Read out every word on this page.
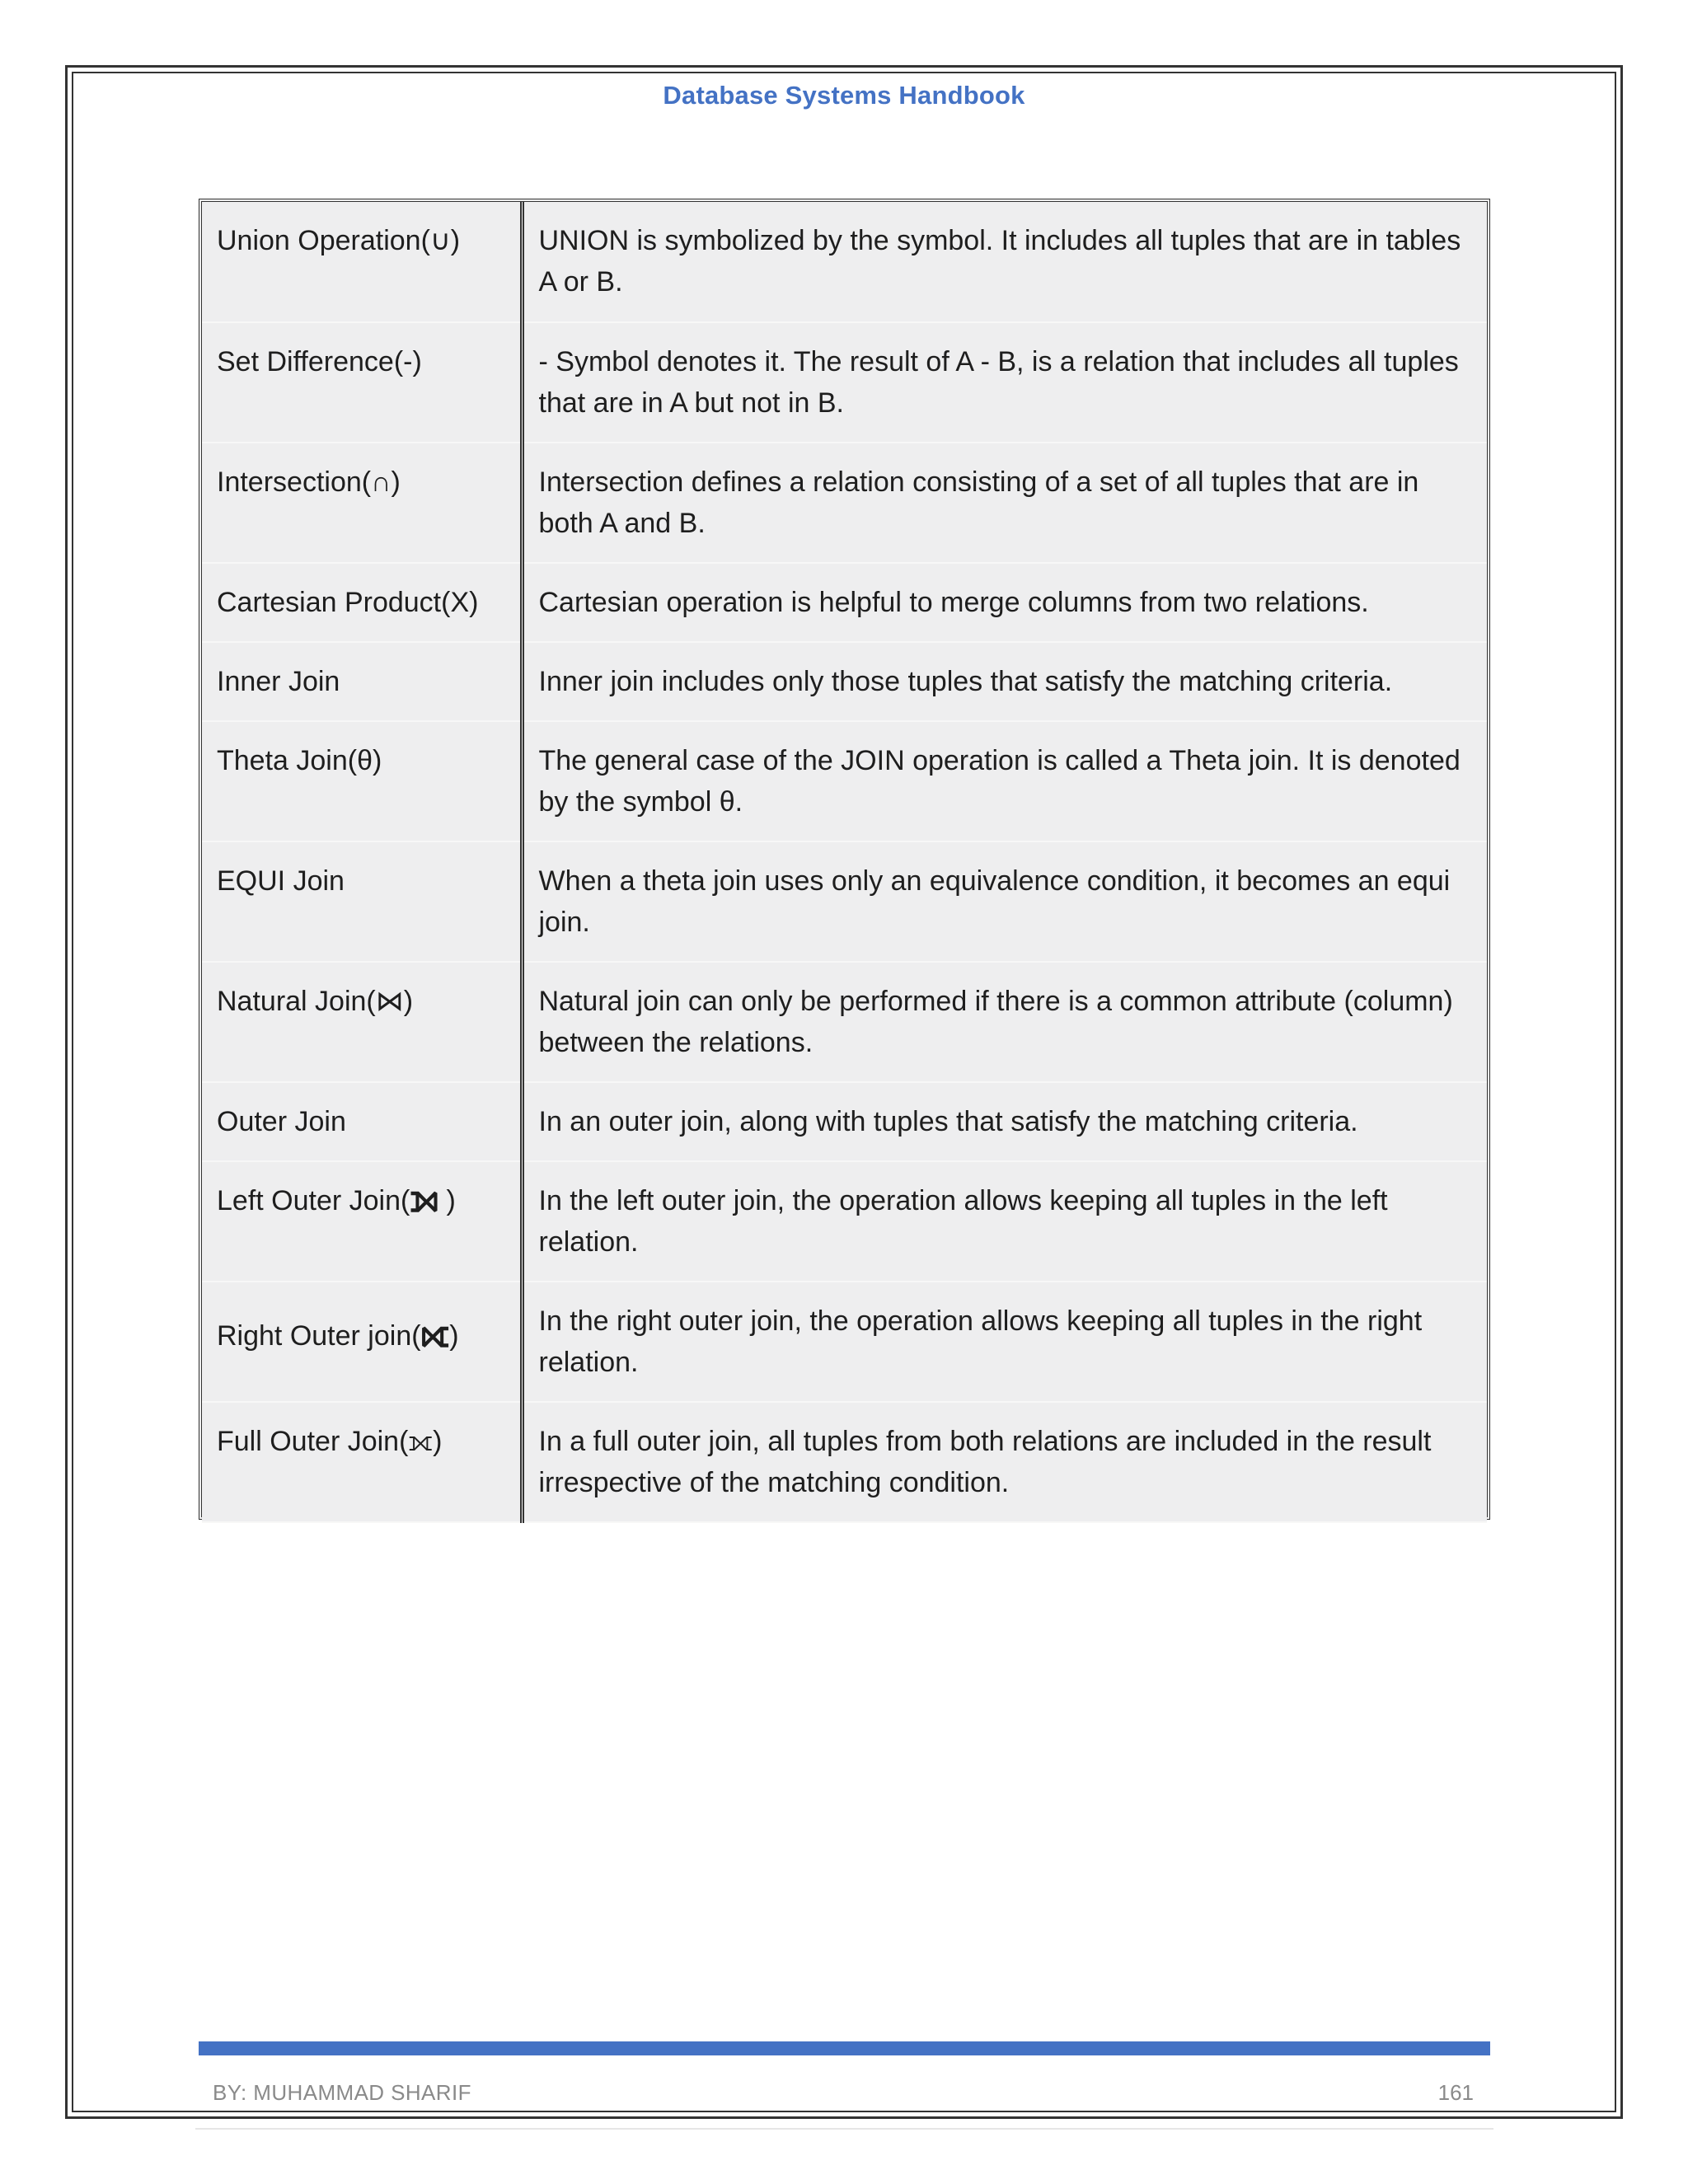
Database Systems Handbook
Union Operation(∪)	UNION is symbolized by the symbol. It includes all tuples that are in tables A or B.
Set Difference(-)	- Symbol denotes it. The result of A - B, is a relation that includes all tuples that are in A but not in B.
Intersection(∩)	Intersection defines a relation consisting of a set of all tuples that are in both A and B.
Cartesian Product(X)	Cartesian operation is helpful to merge columns from two relations.
Inner Join	Inner join includes only those tuples that satisfy the matching criteria.
Theta Join(θ)	The general case of the JOIN operation is called a Theta join. It is denoted by the symbol θ.
EQUI Join	When a theta join uses only an equivalence condition, it becomes an equi join.
Natural Join(⋈)	Natural join can only be performed if there is a common attribute (column) between the relations.
Outer Join	In an outer join, along with tuples that satisfy the matching criteria.
Left Outer Join(⟕ )	In the left outer join, the operation allows keeping all tuples in the left relation.
Right Outer join(⟖)	In the right outer join, the operation allows keeping all tuples in the right relation.
Full Outer Join(⟗)	In a full outer join, all tuples from both relations are included in the result irrespective of the matching condition.
BY: MUHAMMAD SHARIF	161
